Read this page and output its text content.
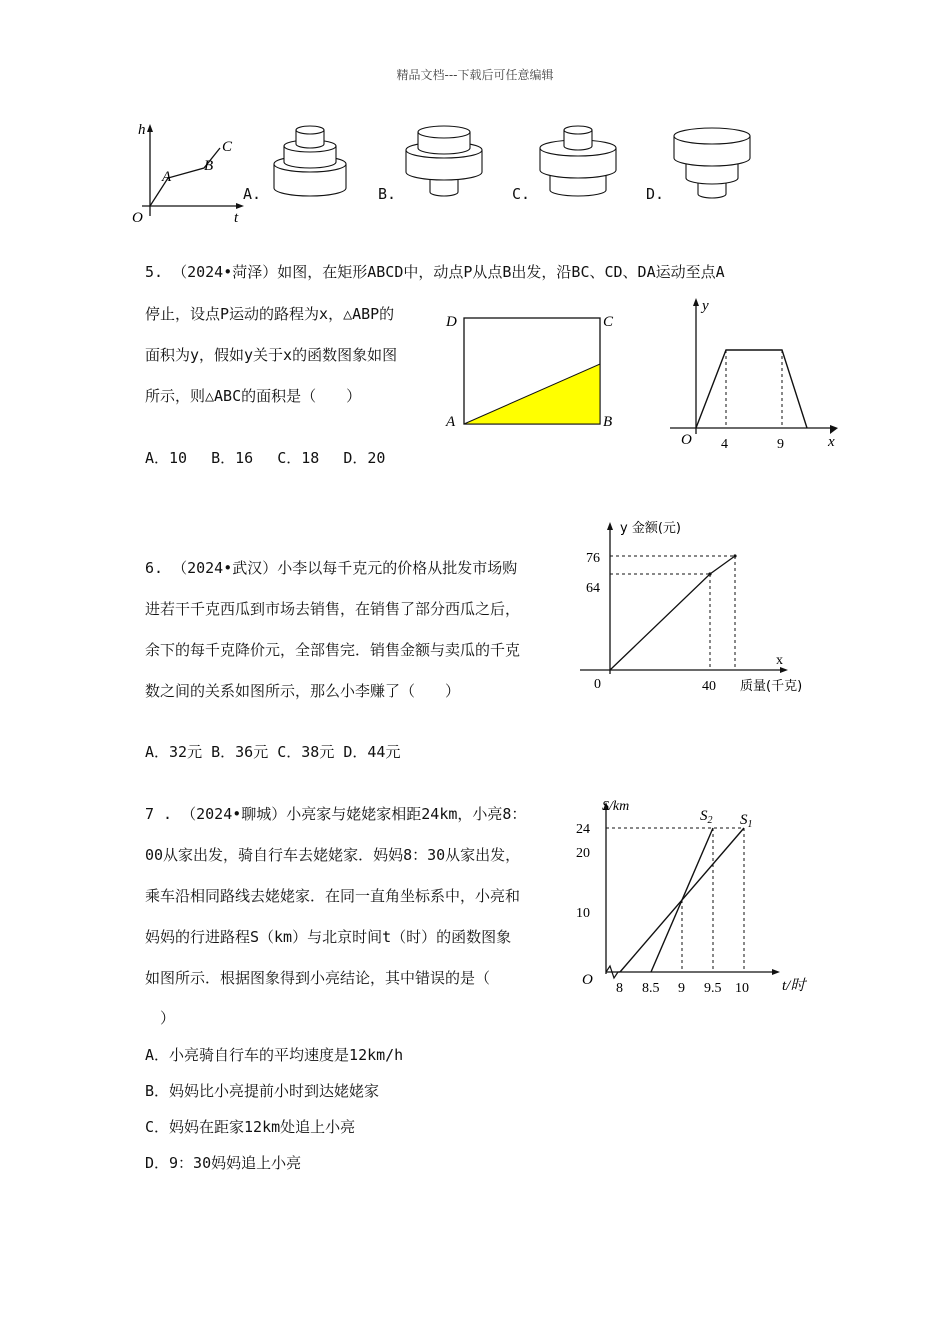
精品文档---下载后可任意编辑
h
t
O
A
B
C
A.	B.	C.	D.
5. （2024•菏泽）如图，在矩形ABCD中，动点P从点B出发，沿BC、CD、DA运动至点A
停止，设点P运动的路程为x，△ABP的
面积为y，假如y关于x的函数图象如图
所示，则△ABC的面积是（　　）
A．10　 B．16　 C．18　 D．20
D	C
A	B
y
x
O 4	9
6. （2024•武汉）小李以每千克元的价格从批发市场购
进若干千克西瓜到市场去销售，在销售了部分西瓜之后，
余下的每千克降价元，全部售完．销售金额与卖瓜的千克
数之间的关系如图所示，那么小李赚了（　　）
A．32元 B．36元 C．38元 D．44元
y 金额(元)
x
质量(千克)
0	40
64
76
7 . （2024•聊城）小亮家与姥姥家相距24km，小亮8：
00从家出发，骑自行车去姥姥家．妈妈8：30从家出发，
乘车沿相同路线去姥姥家．在同一直角坐标系中，小亮和
妈妈的行进路程S（km）与北京时间t（时）的函数图象
如图所示．根据图象得到小亮结论，其中错误的是（
　）
A．小亮骑自行车的平均速度是12km/h
B．妈妈比小亮提前小时到达姥姥家
C．妈妈在距家12km处追上小亮
D．9：30妈妈追上小亮
S/km
t/时
O
$S_1$
$S_2$
8 8.5 9 9.5 10
10
20
24
